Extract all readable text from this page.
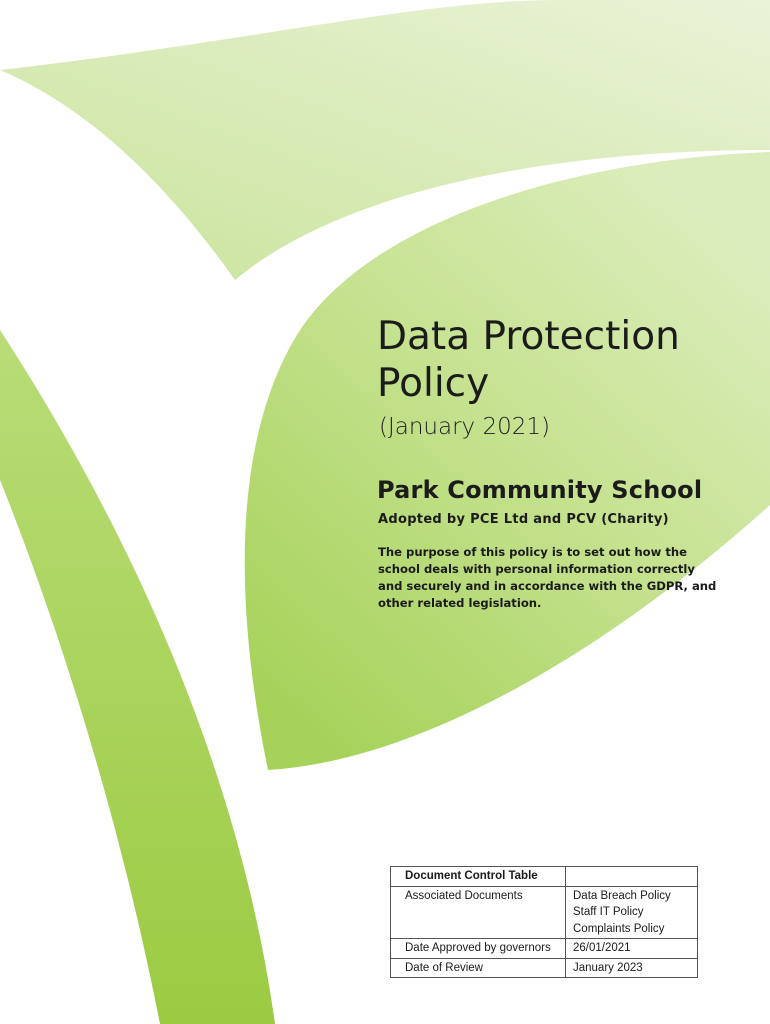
Data Protection
Policy
(January 2021)
Park Community School
Adopted by PCE Ltd and PCV (Charity)
The purpose of this policy is to set out how the school deals with personal information correctly and securely and in accordance with the GDPR, and other related legislation.
Document Control Table	
Associated Documents	Data Breach Policy
Staff IT Policy
Complaints Policy

Date Approved by governors	26/01/2021
Date of Review	January 2023
